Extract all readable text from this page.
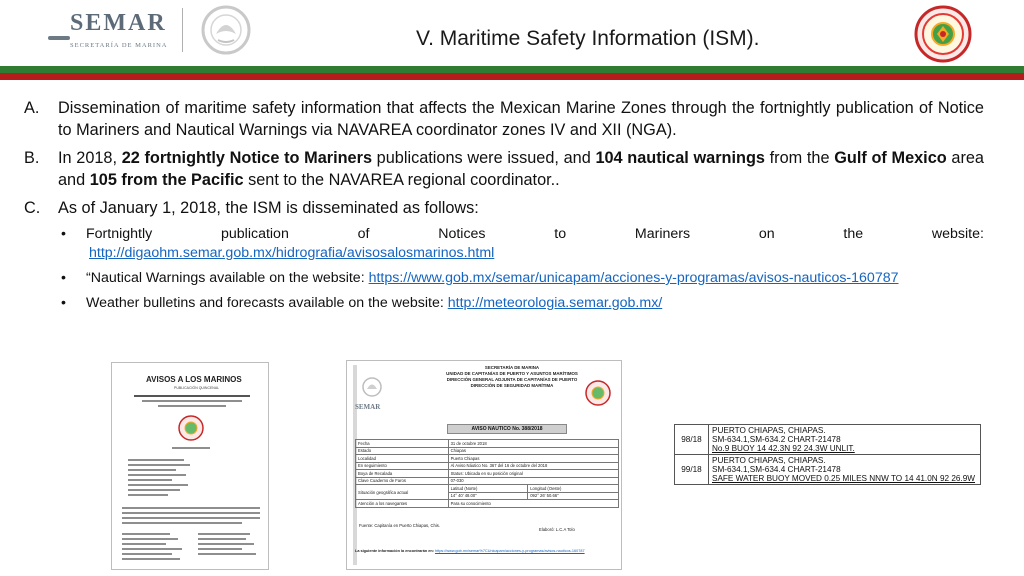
SEMAR
SECRETARÍA DE MARINA	V. Maritime Safety Information (ISM).
A. Dissemination of maritime safety information that affects the Mexican Marine Zones through the fortnightly publication of Notice to Mariners and Nautical Warnings via NAVAREA coordinator zones IV and XII (NGA).
B. In 2018, 22 fortnightly Notice to Mariners publications were issued, and 104 nautical warnings from the Gulf of Mexico area and 105 from the Pacific sent to the NAVAREA regional coordinator..
C. As of January 1, 2018, the ISM is disseminated as follows:
• Fortnightly	publication	of	Notices	to	Mariners	on	the	website:
http://digaohm.semar.gob.mx/hidrografia/avisosalosmarinos.html
• “Nautical Warnings available on the website: https://www.gob.mx/semar/unicapam/acciones-y-programas/avisos-nauticos-160787
• Weather bulletins and forecasts available on the website: http://meteorologia.semar.gob.mx/
AVISOS A LOS MARINOS
PUBLICACIÓN QUINCENAL
SEMAR
SECRETARÍA DE MARINA
UNIDAD DE CAPITANÍAS DE PUERTO Y ASUNTOS MARÍTIMOS
DIRECCIÓN GENERAL ADJUNTA DE CAPITANÍAS DE PUERTO
DIRECCIÓN DE SEGURIDAD MARÍTIMA
AVISO NAUTICO No. 388/2018
Fecha	31 de octubre 2018	
Estado	Chiapas	
Localidad	Puerto Chiapas	
En seguimiento	Al Aviso Náutico No. 367 del 16 de octubre del 2018	
Boya de Recalada	Status: Ubicada en su posición original	
Clave Cuaderno de Faros	07-030	
Situación geográfica actual	Latitud (Norte)	Longitud (Oeste)
	14° 40' 48.00"	092° 26' 50.66"
Atención a los navegantes	Para su conocimiento	
Fuente: Capitanía en Puerto Chiapas, Chis.
Elaboró: L.C.A Tolo
La siguiente información la encontrarán en: https://www.gob.mx/semar%7CUnicapam/acciones-y-programas/avisos-nauticos-160787
98/18	PUERTO CHIAPAS, CHIAPAS.
SM-634.1,SM-634.2 CHART-21478
No.9 BUOY 14 42.3N 92 24.3W UNLIT.

99/18	PUERTO CHIAPAS, CHIAPAS.
SM-634.1,SM-634.4 CHART-21478
SAFE WATER BUOY MOVED 0.25 MILES NNW TO 14 41.0N 92 26.9W
